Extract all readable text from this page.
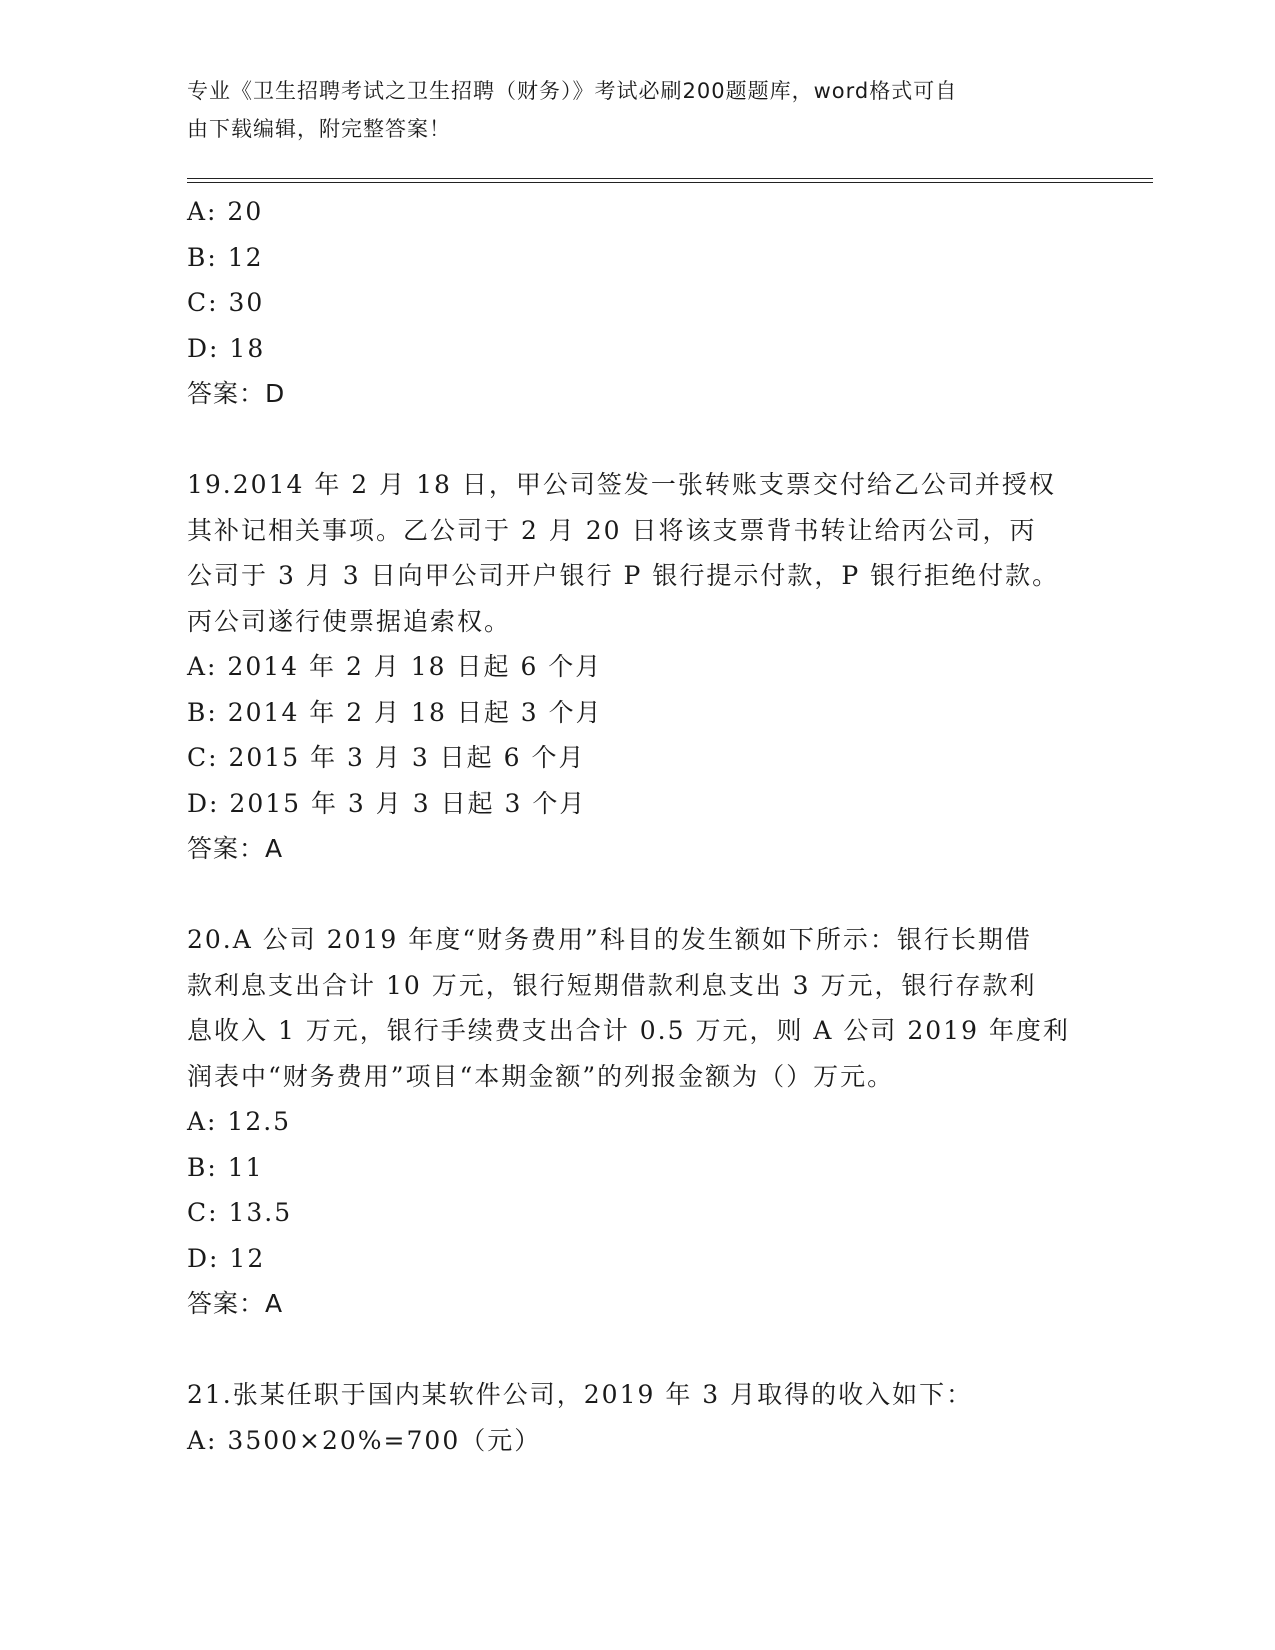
专业《卫生招聘考试之卫生招聘（财务）》考试必刷200题题库，word格式可自
由下载编辑，附完整答案！
A: 20
B: 12
C: 30
D: 18
答案：D
19.2014 年 2 月 18 日，甲公司签发一张转账支票交付给乙公司并授权
其补记相关事项。乙公司于 2 月 20 日将该支票背书转让给丙公司，丙
公司于 3 月 3 日向甲公司开户银行 P 银行提示付款，P 银行拒绝付款。
丙公司遂行使票据追索权。
A: 2014 年 2 月 18 日起 6 个月
B: 2014 年 2 月 18 日起 3 个月
C: 2015 年 3 月 3 日起 6 个月
D: 2015 年 3 月 3 日起 3 个月
答案：A
20.A 公司 2019 年度“财务费用”科目的发生额如下所示：银行长期借
款利息支出合计 10 万元，银行短期借款利息支出 3 万元，银行存款利
息收入 1 万元，银行手续费支出合计 0.5 万元，则 A 公司 2019 年度利
润表中“财务费用”项目“本期金额”的列报金额为（）万元。
A: 12.5
B: 11
C: 13.5
D: 12
答案：A
21.张某任职于国内某软件公司，2019 年 3 月取得的收入如下：
A: 3500×20%=700（元）
